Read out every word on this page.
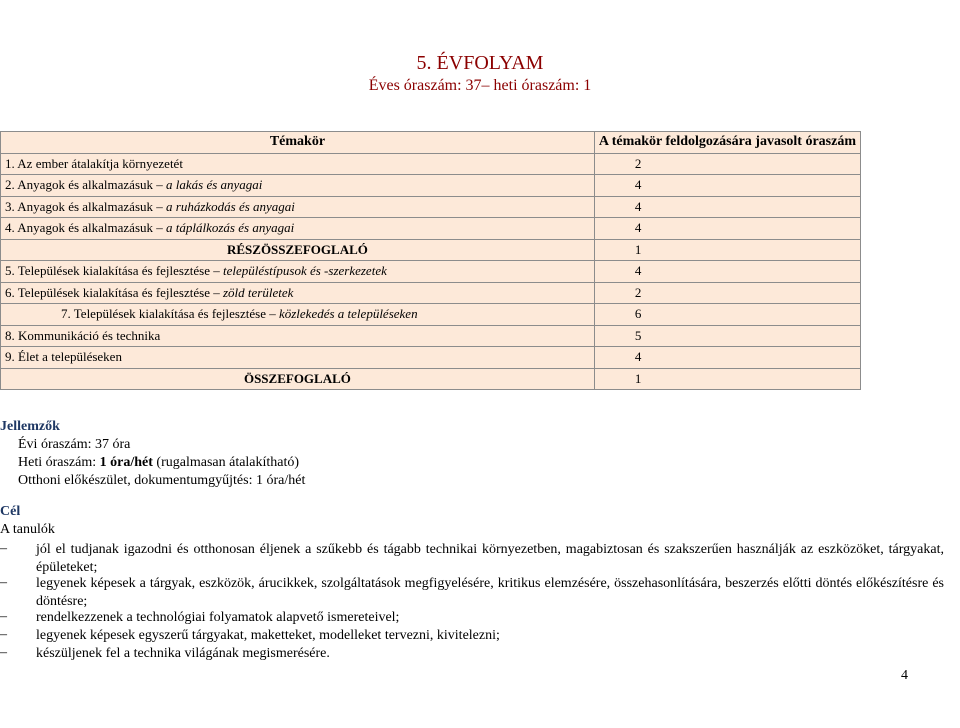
5. ÉVFOLYAM
Éves óraszám: 37– heti óraszám: 1
Témakör	A témakör feldolgozására javasolt óraszám
1. Az ember átalakítja környezetét	2
2. Anyagok és alkalmazásuk – a lakás és anyagai	4
3. Anyagok és alkalmazásuk – a ruházkodás és anyagai	4
4. Anyagok és alkalmazásuk – a táplálkozás és anyagai	4
RÉSZÖSSZEFOGLALÓ	1
5. Települések kialakítása és fejlesztése – településtípusok és -szerkezetek	4
6. Települések kialakítása és fejlesztése – zöld területek	2
7. Települések kialakítása és fejlesztése – közlekedés a településeken	6
8. Kommunikáció és technika	5
9. Élet a településeken	4
ÖSSZEFOGLALÓ	1
Jellemzők
Évi óraszám: 37 óra
Heti óraszám: 1 óra/hét (rugalmasan átalakítható)
Otthoni előkészület, dokumentumgyűjtés: 1 óra/hét
Cél
A tanulók
–	jól el tudjanak igazodni és otthonosan éljenek a szűkebb és tágabb technikai környezetben, magabiztosan és szakszerűen használják az eszközöket, tárgyakat, épületeket;
–	legyenek képesek a tárgyak, eszközök, árucikkek, szolgáltatások megfigyelésére, kritikus elemzésére, összehasonlítására, beszerzés előtti döntés előkészítésre és döntésre;
–	rendelkezzenek a technológiai folyamatok alapvető ismereteivel;
–	legyenek képesek egyszerű tárgyakat, maketteket, modelleket tervezni, kivitelezni;
–	készüljenek fel a technika világának megismerésére.
4
